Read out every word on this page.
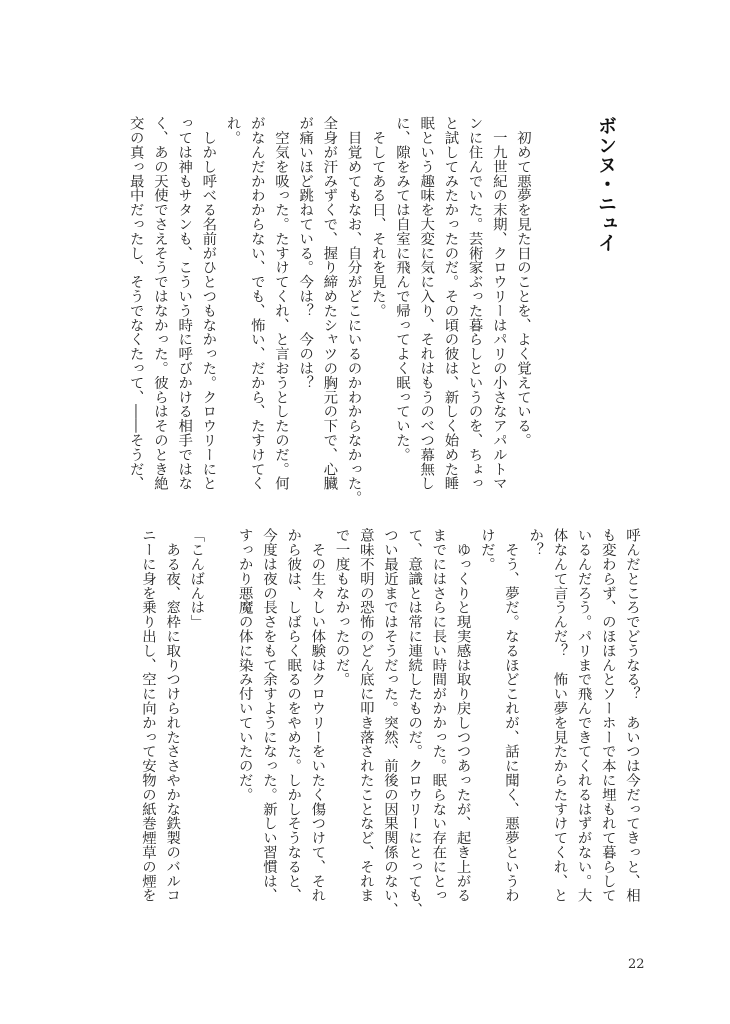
ボンヌ・ニュイ
　初めて悪夢を見た日のことを、よく覚えている。
　一九世紀の末期、クロウリーはパリの小さなアパルトマ
ンに住んでいた。芸術家ぶった暮らしというのを、ちょっ
と試してみたかったのだ。その頃の彼は、新しく始めた睡
眠という趣味を大変に気に入り、それはもうのべつ幕無し
に、隙をみては自室に飛んで帰ってよく眠っていた。
　そしてある日、それを見た。
　目覚めてもなお、自分がどこにいるのかわからなかった。
全身が汗みずくで、握り締めたシャツの胸元の下で、心臓
が痛いほど跳ねている。今は？　今のは？
　空気を吸った。たすけてくれ、と言おうとしたのだ。何
がなんだかわからない、でも、怖い、だから、たすけてく
れ。
　しかし呼べる名前がひとつもなかった。クロウリーにと
っては神もサタンも、こういう時に呼びかける相手ではな
く、あの天使でさえそうではなかった。彼らはそのとき絶
交の真っ最中だったし、そうでなくたって、――そうだ、
呼んだところでどうなる？　あいつは今だってきっと、相
も変わらず、のほほんとソーホーで本に埋もれて暮らして
いるんだろう。パリまで飛んできてくれるはずがない。大
体なんて言うんだ？　怖い夢を見たからたすけてくれ、と
か？
　そう、夢だ。なるほどこれが、話に聞く、悪夢というわ
けだ。
　ゆっくりと現実感は取り戻しつつあったが、起き上がる
までにはさらに長い時間がかかった。眠らない存在にとっ
て、意識とは常に連続したものだ。クロウリーにとっても、
つい最近まではそうだった。突然、前後の因果関係のない、
意味不明の恐怖のどん底に叩き落されたことなど、それま
で一度もなかったのだ。
　その生々しい体験はクロウリーをいたく傷つけて、それ
から彼は、しばらく眠るのをやめた。しかしそうなると、
今度は夜の長さをもて余すようになった。新しい習慣は、
すっかり悪魔の体に染み付いていたのだ。
「こんばんは」
　ある夜、窓枠に取りつけられたささやかな鉄製のバルコ
ニーに身を乗り出し、空に向かって安物の紙巻煙草の煙を
22
